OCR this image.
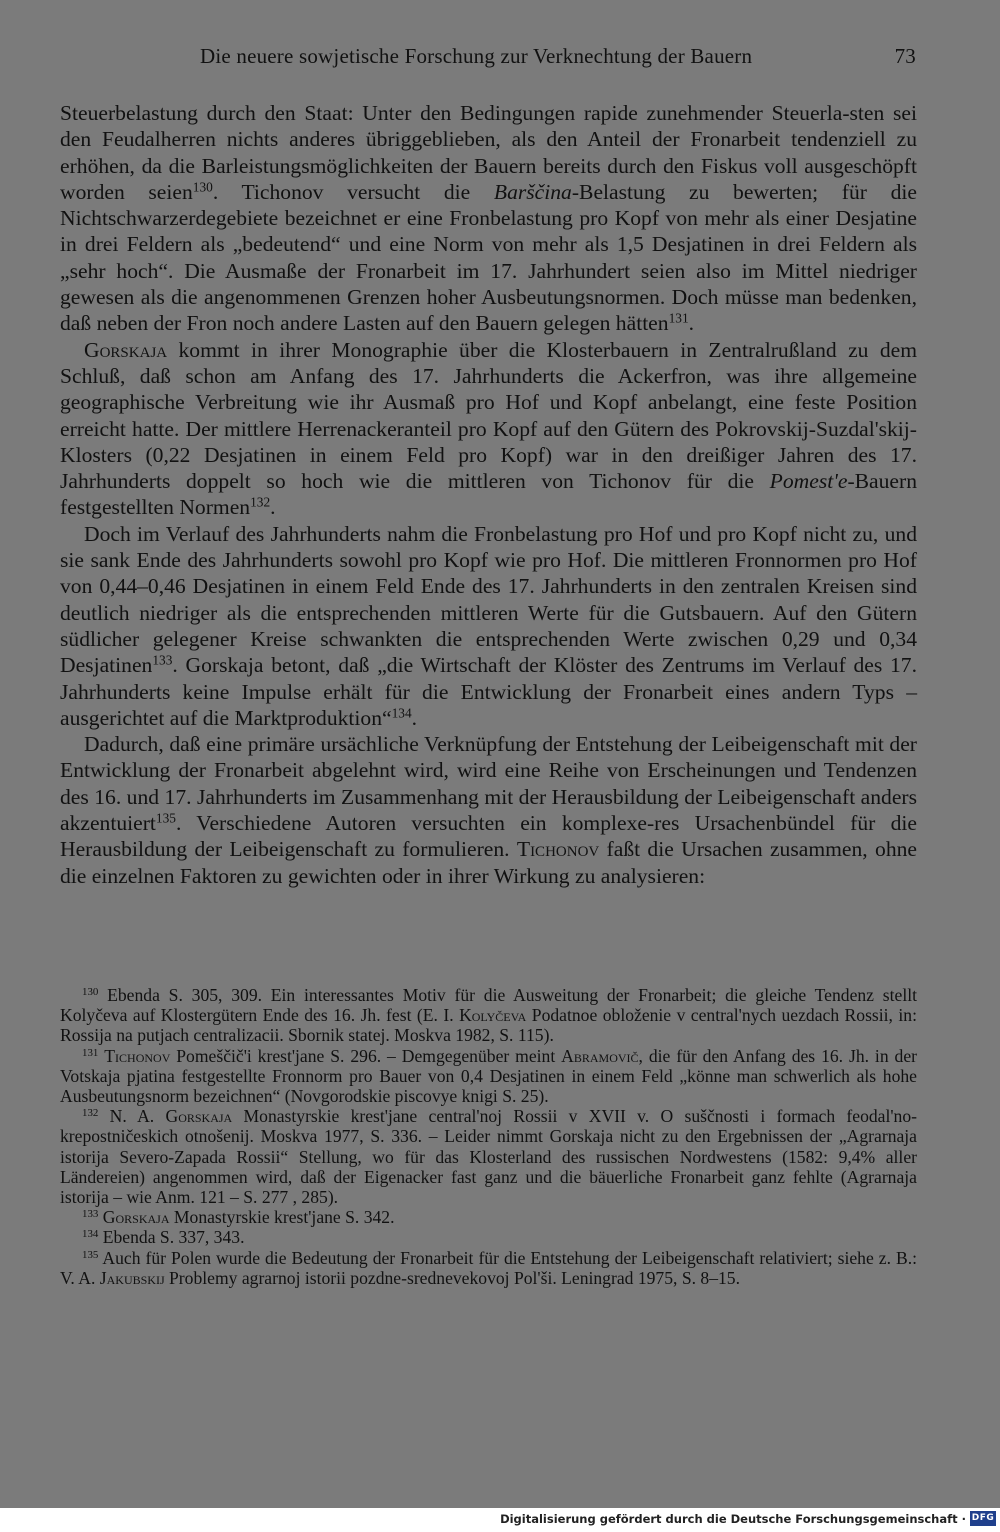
Die neuere sowjetische Forschung zur Verknechtung der Bauern	73

Steuerbelastung durch den Staat: Unter den Bedingungen rapide zunehmender Steuerla-sten sei den Feudalherren nichts anderes übriggeblieben, als den Anteil der Fronarbeit tendenziell zu erhöhen, da die Barleistungsmöglichkeiten der Bauern bereits durch den Fiskus voll ausgeschöpft worden seien$^{130}$. Tichonov versucht die Barščina-Belastung zu bewerten; für die Nichtschwarzerdegebiete bezeichnet er eine Fronbelastung pro Kopf von mehr als einer Desjatine in drei Feldern als „bedeutend“ und eine Norm von mehr als 1,5 Desjatinen in drei Feldern als „sehr hoch“. Die Ausmaße der Fronarbeit im 17. Jahrhundert seien also im Mittel niedriger gewesen als die angenommenen Grenzen hoher Ausbeutungsnormen. Doch müsse man bedenken, daß neben der Fron noch andere Lasten auf den Bauern gelegen hätten$^{131}$.

Gorskaja kommt in ihrer Monographie über die Klosterbauern in Zentralrußland zu dem Schluß, daß schon am Anfang des 17. Jahrhunderts die Ackerfron, was ihre allgemeine geographische Verbreitung wie ihr Ausmaß pro Hof und Kopf anbelangt, eine feste Position erreicht hatte. Der mittlere Herrenackeranteil pro Kopf auf den Gütern des Pokrovskij-Suzdal'skij-Klosters (0,22 Desjatinen in einem Feld pro Kopf) war in den dreißiger Jahren des 17. Jahrhunderts doppelt so hoch wie die mittleren von Tichonov für die Pomest'e-Bauern festgestellten Normen$^{132}$.

Doch im Verlauf des Jahrhunderts nahm die Fronbelastung pro Hof und pro Kopf nicht zu, und sie sank Ende des Jahrhunderts sowohl pro Kopf wie pro Hof. Die mittleren Fronnormen pro Hof von 0,44–0,46 Desjatinen in einem Feld Ende des 17. Jahrhunderts in den zentralen Kreisen sind deutlich niedriger als die entsprechenden mittleren Werte für die Gutsbauern. Auf den Gütern südlicher gelegener Kreise schwankten die entsprechenden Werte zwischen 0,29 und 0,34 Desjatinen$^{133}$. Gorskaja betont, daß „die Wirtschaft der Klöster des Zentrums im Verlauf des 17. Jahrhunderts keine Impulse erhält für die Entwicklung der Fronarbeit eines andern Typs – ausgerichtet auf die Marktproduktion“$^{134}$.

Dadurch, daß eine primäre ursächliche Verknüpfung der Entstehung der Leibeigenschaft mit der Entwicklung der Fronarbeit abgelehnt wird, wird eine Reihe von Erscheinungen und Tendenzen des 16. und 17. Jahrhunderts im Zusammenhang mit der Herausbildung der Leibeigenschaft anders akzentuiert$^{135}$. Verschiedene Autoren versuchten ein komplexe-res Ursachenbündel für die Herausbildung der Leibeigenschaft zu formulieren. Tichonov faßt die Ursachen zusammen, ohne die einzelnen Faktoren zu gewichten oder in ihrer Wirkung zu analysieren:

$^{130}$ Ebenda S. 305, 309. Ein interessantes Motiv für die Ausweitung der Fronarbeit; die gleiche Tendenz stellt Kolyčeva auf Klostergütern Ende des 16. Jh. fest (E. I. Kolyčeva Podatnoe obloženie v central'nych uezdach Rossii, in: Rossija na putjach centralizacii. Sbornik statej. Moskva 1982, S. 115).

$^{131}$ Tichonov Pomeščič'i krest'jane S. 296. – Demgegenüber meint Abramovič, die für den Anfang des 16. Jh. in der Votskaja pjatina festgestellte Fronnorm pro Bauer von 0,4 Desjatinen in einem Feld „könne man schwerlich als hohe Ausbeutungsnorm bezeichnen“ (Novgorodskie piscovye knigi S. 25).

$^{132}$ N. A. Gorskaja Monastyrskie krest'jane central'noj Rossii v XVII v. O suščnosti i formach feodal'no-krepostničeskich otnošenij. Moskva 1977, S. 336. – Leider nimmt Gorskaja nicht zu den Ergebnissen der „Agrarnaja istorija Severo-Zapada Rossii“ Stellung, wo für das Klosterland des russischen Nordwestens (1582: 9,4% aller Ländereien) angenommen wird, daß der Eigenacker fast ganz und die bäuerliche Fronarbeit ganz fehlte (Agrarnaja istorija – wie Anm. 121 – S. 277 , 285).

$^{133}$ Gorskaja Monastyrskie krest'jane S. 342.

$^{134}$ Ebenda S. 337, 343.

$^{135}$ Auch für Polen wurde die Bedeutung der Fronarbeit für die Entstehung der Leibeigenschaft relativiert; siehe z. B.: V. A. Jakubskij Problemy agrarnoj istorii pozdne-srednevekovoj Pol'ši. Leningrad 1975, S. 8–15.

Digitalisierung gefördert durch die Deutsche Forschungsgemeinschaft · DFG
